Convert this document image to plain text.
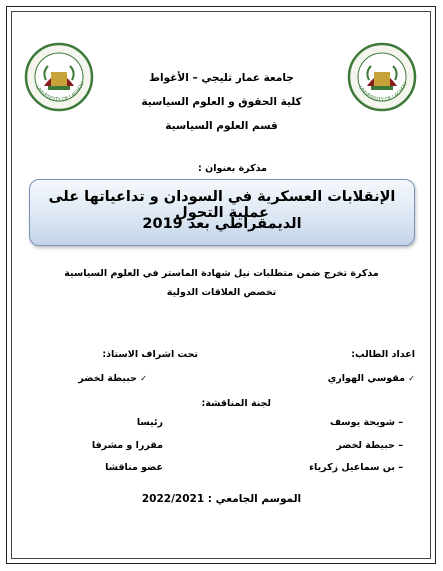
UNIVERSITY OF LAGHOU
UNIVERSITY OF LAGHOU
جامعة عمار ثليجي – الأغواط
كلية الحقوق و العلوم السياسية
قسم العلوم السياسية
مذكرة بعنوان :
الإنقلابات العسكرية في السودان و تداعياتها على عملية التحول
الديمقراطي بعد 2019
مذكرة تخرج ضمن متطلبات نيل شهادة الماستر في العلوم السياسية
تخصص العلاقات الدولية
اعداد الطالب:
تحت اشراف الاستاذ:
✓ مقوسي الهواري
✓ حبيطة لخضر
لجنة المناقشة:
– شويحة يوسف
رئيسا
– حبيطة لخضر
مقررا و مشرفا
– بن سماعيل زكرياء
عضو مناقشا
الموسم الجامعي : 2022/2021
